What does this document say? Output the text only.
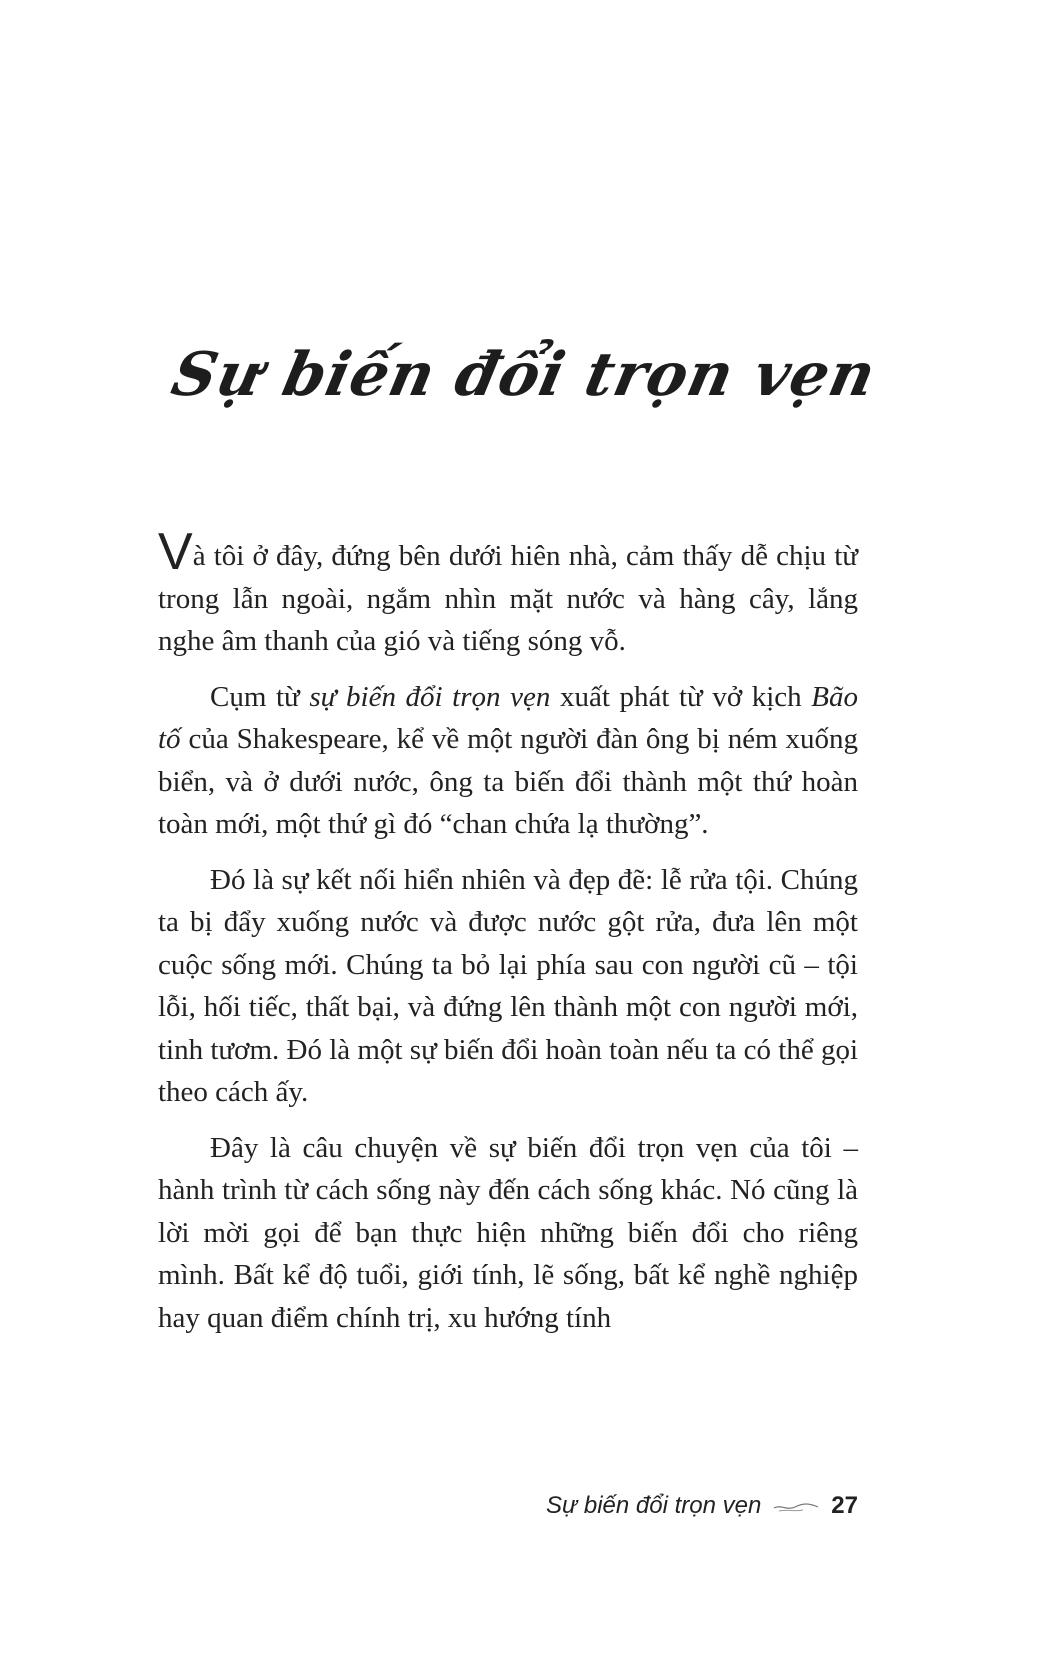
Sự biến đổi trọn vẹn

Và tôi ở đây, đứng bên dưới hiên nhà, cảm thấy dễ chịu từ trong lẫn ngoài, ngắm nhìn mặt nước và hàng cây, lắng nghe âm thanh của gió và tiếng sóng vỗ.

Cụm từ sự biến đổi trọn vẹn xuất phát từ vở kịch Bão tố của Shakespeare, kể về một người đàn ông bị ném xuống biển, và ở dưới nước, ông ta biến đổi thành một thứ hoàn toàn mới, một thứ gì đó “chan chứa lạ thường”.

Đó là sự kết nối hiển nhiên và đẹp đẽ: lễ rửa tội. Chúng ta bị đẩy xuống nước và được nước gột rửa, đưa lên một cuộc sống mới. Chúng ta bỏ lại phía sau con người cũ – tội lỗi, hối tiếc, thất bại, và đứng lên thành một con người mới, tinh tươm. Đó là một sự biến đổi hoàn toàn nếu ta có thể gọi theo cách ấy.

Đây là câu chuyện về sự biến đổi trọn vẹn của tôi – hành trình từ cách sống này đến cách sống khác. Nó cũng là lời mời gọi để bạn thực hiện những biến đổi cho riêng mình. Bất kể độ tuổi, giới tính, lẽ sống, bất kể nghề nghiệp hay quan điểm chính trị, xu hướng tính

Sự biến đổi trọn vẹn	27
